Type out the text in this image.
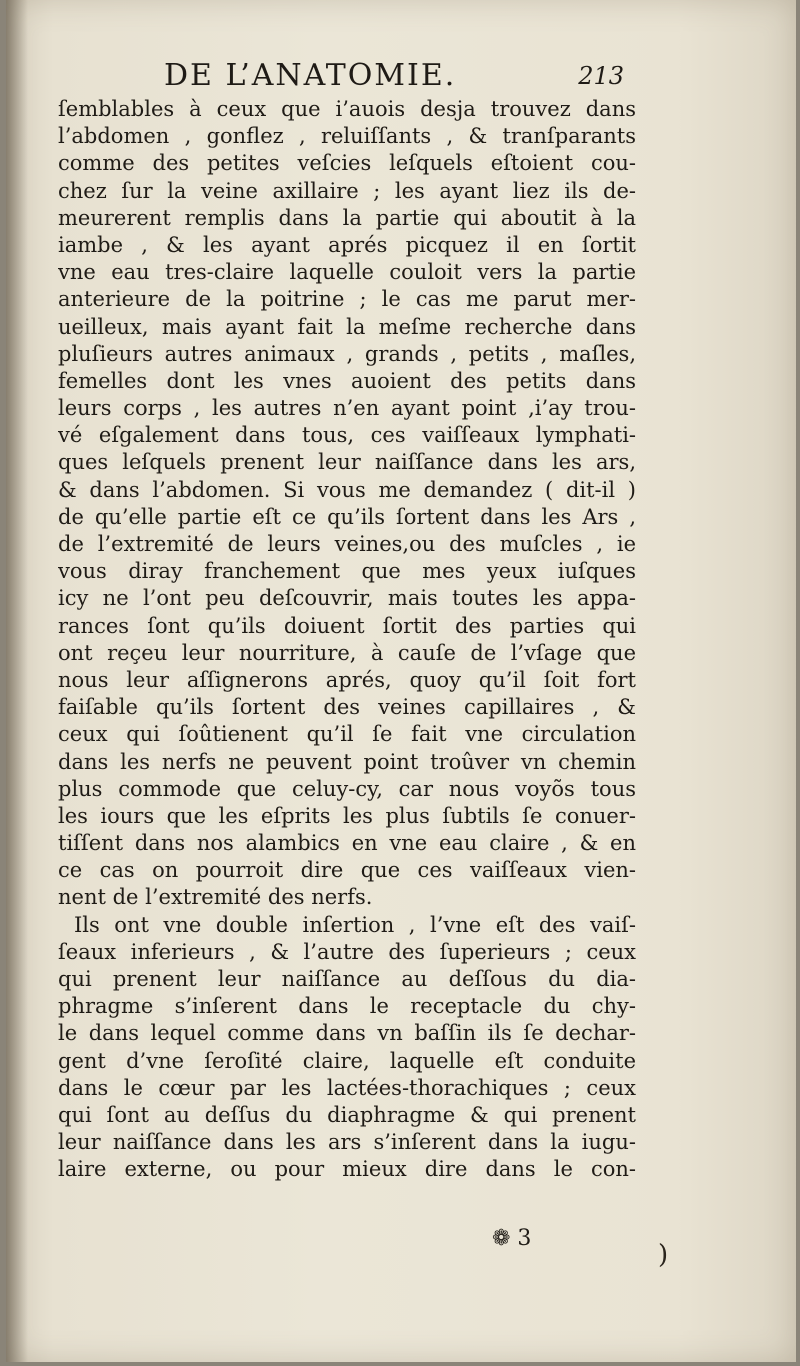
DE L’ANATOMIE.	213
ſemblables à ceux que i’auois desja trouvez dans
l’abdomen , gonflez , reluiſſants , & tranſparants
comme des petites veſcies leſquels eſtoient cou-
chez ſur la veine axillaire ; les ayant liez ils de-
meurerent remplis dans la partie qui aboutit à la
iambe , & les ayant aprés picquez il en ſortit
vne eau tres-claire laquelle couloit vers la partie
anterieure de la poitrine ; le cas me parut mer-
ueilleux, mais ayant fait la meſme recherche dans
pluſieurs autres animaux , grands , petits , maſles,
femelles dont les vnes auoient des petits dans
leurs corps , les autres n’en ayant point ,i’ay trou-
vé eſgalement dans tous, ces vaiſſeaux lymphati-
ques leſquels prenent leur naiſſance dans les ars,
& dans l’abdomen. Si vous me demandez ( dit-il )
de qu’elle partie eſt ce qu’ils ſortent dans les Ars ,
de l’extremité de leurs veines,ou des muſcles , ie
vous diray franchement que mes yeux iuſques
icy ne l’ont peu deſcouvrir, mais toutes les appa-
rances ſont qu’ils doiuent ſortit des parties qui
ont reçeu leur nourriture, à cauſe de l’vſage que
nous leur aſſignerons aprés, quoy qu’il ſoit fort
faiſable qu’ils ſortent des veines capillaires , &
ceux qui ſoûtienent qu’il ſe fait vne circulation
dans les nerfs ne peuvent point troûver vn chemin
plus commode que celuy-cy, car nous voyõs tous
les iours que les eſprits les plus ſubtils ſe conuer-
tiſſent dans nos alambics en vne eau claire , & en
ce cas on pourroit dire que ces vaiſſeaux vien-
nent de l’extremité des nerfs.
Ils ont vne double inſertion , l’vne eſt des vaiſ-
ſeaux inferieurs , & l’autre des ſuperieurs ; ceux
qui prenent leur naiſſance au deſſous du dia-
phragme s’inſerent dans le receptacle du chy-
le dans lequel comme dans vn baſſin ils ſe dechar-
gent d’vne ſeroſité claire, laquelle eſt conduite
dans le cœur par les lactées-thorachiques ; ceux
qui ſont au deſſus du diaphragme & qui prenent
leur naiſſance dans les ars s’inſerent dans la iugu-
laire externe, ou pour mieux dire dans le con-
❁ 3
)
